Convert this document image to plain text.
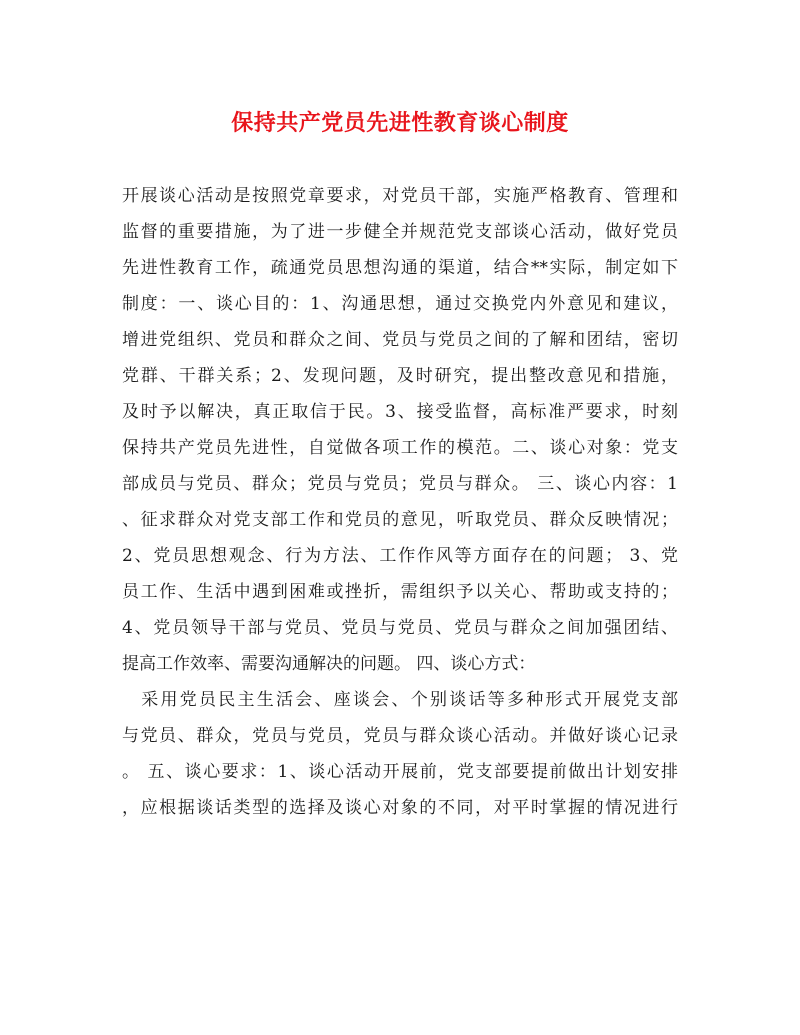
保持共产党员先进性教育谈心制度
开展谈心活动是按照党章要求，对党员干部，实施严格教育、管理和
监督的重要措施，为了进一步健全并规范党支部谈心活动，做好党员
先进性教育工作，疏通党员思想沟通的渠道，结合**实际，制定如下
制度：一、谈心目的：1、沟通思想，通过交换党内外意见和建议，
增进党组织、党员和群众之间、党员与党员之间的了解和团结，密切
党群、干群关系；2、发现问题，及时研究，提出整改意见和措施，
及时予以解决，真正取信于民。3、接受监督，高标准严要求，时刻
保持共产党员先进性，自觉做各项工作的模范。二、谈心对象：党支
部成员与党员、群众；党员与党员；党员与群众。 三、谈心内容：1
、征求群众对党支部工作和党员的意见，听取党员、群众反映情况；
2、党员思想观念、行为方法、工作作风等方面存在的问题； 3、党
员工作、生活中遇到困难或挫折，需组织予以关心、帮助或支持的；
4、党员领导干部与党员、党员与党员、党员与群众之间加强团结、
提高工作效率、需要沟通解决的问题。 四、谈心方式：
　采用党员民主生活会、座谈会、个别谈话等多种形式开展党支部
与党员、群众，党员与党员，党员与群众谈心活动。并做好谈心记录
。 五、谈心要求：1、谈心活动开展前，党支部要提前做出计划安排
，应根据谈话类型的选择及谈心对象的不同，对平时掌握的情况进行
